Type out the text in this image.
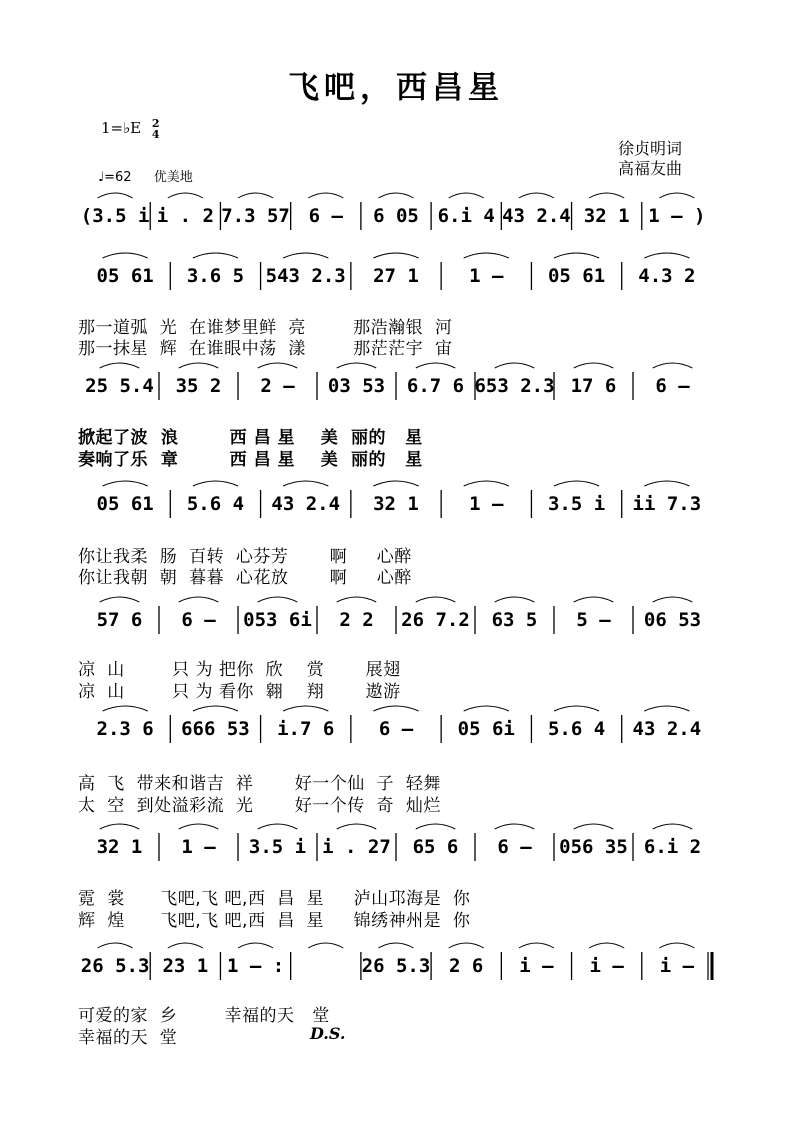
飞吧，西昌星
1=♭E 2
4
♩=62 优美地
徐贞明词
高福友曲
(3.5 i i . 2 7.3 57 6 – 6 05 6.i 4 43 2.4 32 1 1 – )
05 61 3.6 5 543 2.3 27 1	1 – 05 61 4.3 2
25 5.4 35 2 2 – 03 53 6.7 6 653 2.3 17 6 6 –
05 61 5.6 4 43 2.4 32 1	1 – 3.5 i ii 7.3
57 6 6 – 053 6i 2 2 26 7.2 63 5 5 – 06 53
2.3 6 666 53 i.7 6 6 – 05 6i 5.6 4 43 2.4
32 1 1 – 3.5 i i . 27 65 6 6 – 056 35 6.i 2
26 5.3 23 1 1 – :	26 5.3 2 6 i – i – i –
那一道弧  光  在谁梦里鲜  亮        那浩瀚银  河
那一抹星  辉  在谁眼中荡  漾        那茫茫宇  宙
掀起了波  浪        西 昌 星    美  丽的   星
奏响了乐  章        西 昌 星    美  丽的   星
你让我柔  肠  百转  心芬芳       啊     心醉
你让我朝  朝  暮暮  心花放       啊     心醉
凉  山        只 为 把你  欣    赏       展翅
凉  山        只 为 看你  翱    翔       遨游
高  飞  带来和谐吉  祥       好一个仙  子  轻舞
太  空  到处溢彩流  光       好一个传  奇  灿烂
霓  裳      飞吧,飞 吧,西  昌  星     泸山邛海是  你
辉  煌      飞吧,飞 吧,西  昌  星     锦绣神州是  你
可爱的家  乡        幸福的天   堂
幸福的天  堂	D.S.
